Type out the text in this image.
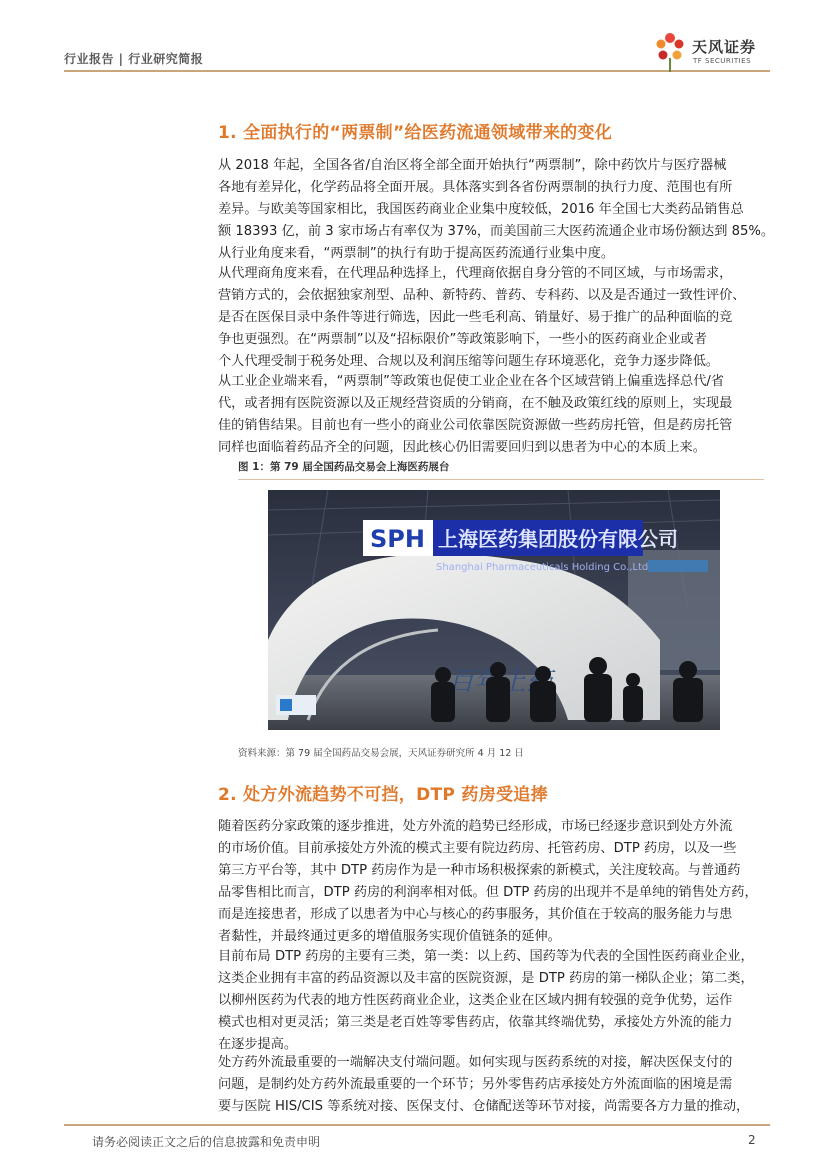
行业报告 | 行业研究简报
天风证券
TF SECURITIES
1. 全面执行的“两票制”给医药流通领域带来的变化
从 2018 年起，全国各省/自治区将全部全面开始执行“两票制”，除中药饮片与医疗器械
各地有差异化，化学药品将全面开展。具体落实到各省份两票制的执行力度、范围也有所
差异。与欧美等国家相比，我国医药商业企业集中度较低，2016 年全国七大类药品销售总
额 18393 亿，前 3 家市场占有率仅为 37%，而美国前三大医药流通企业市场份额达到 85%。
从行业角度来看，“两票制”的执行有助于提高医药流通行业集中度。
从代理商角度来看，在代理品种选择上，代理商依据自身分管的不同区域，与市场需求，
营销方式的，会依据独家剂型、品种、新特药、普药、专科药、以及是否通过一致性评价、
是否在医保目录中条件等进行筛选，因此一些毛利高、销量好、易于推广的品种面临的竞
争也更强烈。在“两票制”以及“招标限价”等政策影响下，一些小的医药商业企业或者
个人代理受制于税务处理、合规以及利润压缩等问题生存环境恶化，竞争力逐步降低。
从工业企业端来看，“两票制”等政策也促使工业企业在各个区域营销上偏重选择总代/省
代，或者拥有医院资源以及正规经营资质的分销商，在不触及政策红线的原则上，实现最
佳的销售结果。目前也有一些小的商业公司依靠医院资源做一些药房托管，但是药房托管
同样也面临着药品齐全的问题，因此核心仍旧需要回归到以患者为中心的本质上来。
图 1：第 79 届全国药品交易会上海医药展台
SPH 上海医药集团股份有限公司
Shanghai Pharmaceuticals Holding Co.,Ltd
资料来源：第 79 届全国药品交易会展，天风证券研究所 4 月 12 日
2. 处方外流趋势不可挡，DTP 药房受追捧
随着医药分家政策的逐步推进，处方外流的趋势已经形成，市场已经逐步意识到处方外流
的市场价值。目前承接处方外流的模式主要有院边药房、托管药房、DTP 药房，以及一些
第三方平台等，其中 DTP 药房作为是一种市场积极探索的新模式，关注度较高。与普通药
品零售相比而言，DTP 药房的利润率相对低。但 DTP 药房的出现并不是单纯的销售处方药，
而是连接患者，形成了以患者为中心与核心的药事服务，其价值在于较高的服务能力与患
者黏性，并最终通过更多的增值服务实现价值链条的延伸。
目前布局 DTP 药房的主要有三类，第一类：以上药、国药等为代表的全国性医药商业企业，
这类企业拥有丰富的药品资源以及丰富的医院资源，是 DTP 药房的第一梯队企业；第二类，
以柳州医药为代表的地方性医药商业企业，这类企业在区域内拥有较强的竞争优势，运作
模式也相对更灵活；第三类是老百姓等零售药店，依靠其终端优势，承接处方外流的能力
在逐步提高。
处方药外流最重要的一端解决支付端问题。如何实现与医药系统的对接，解决医保支付的
问题，是制约处方药外流最重要的一个环节；另外零售药店承接处方外流面临的困境是需
要与医院 HIS/CIS 等系统对接、医保支付、仓储配送等环节对接，尚需要各方力量的推动，
请务必阅读正文之后的信息披露和免责申明	2
